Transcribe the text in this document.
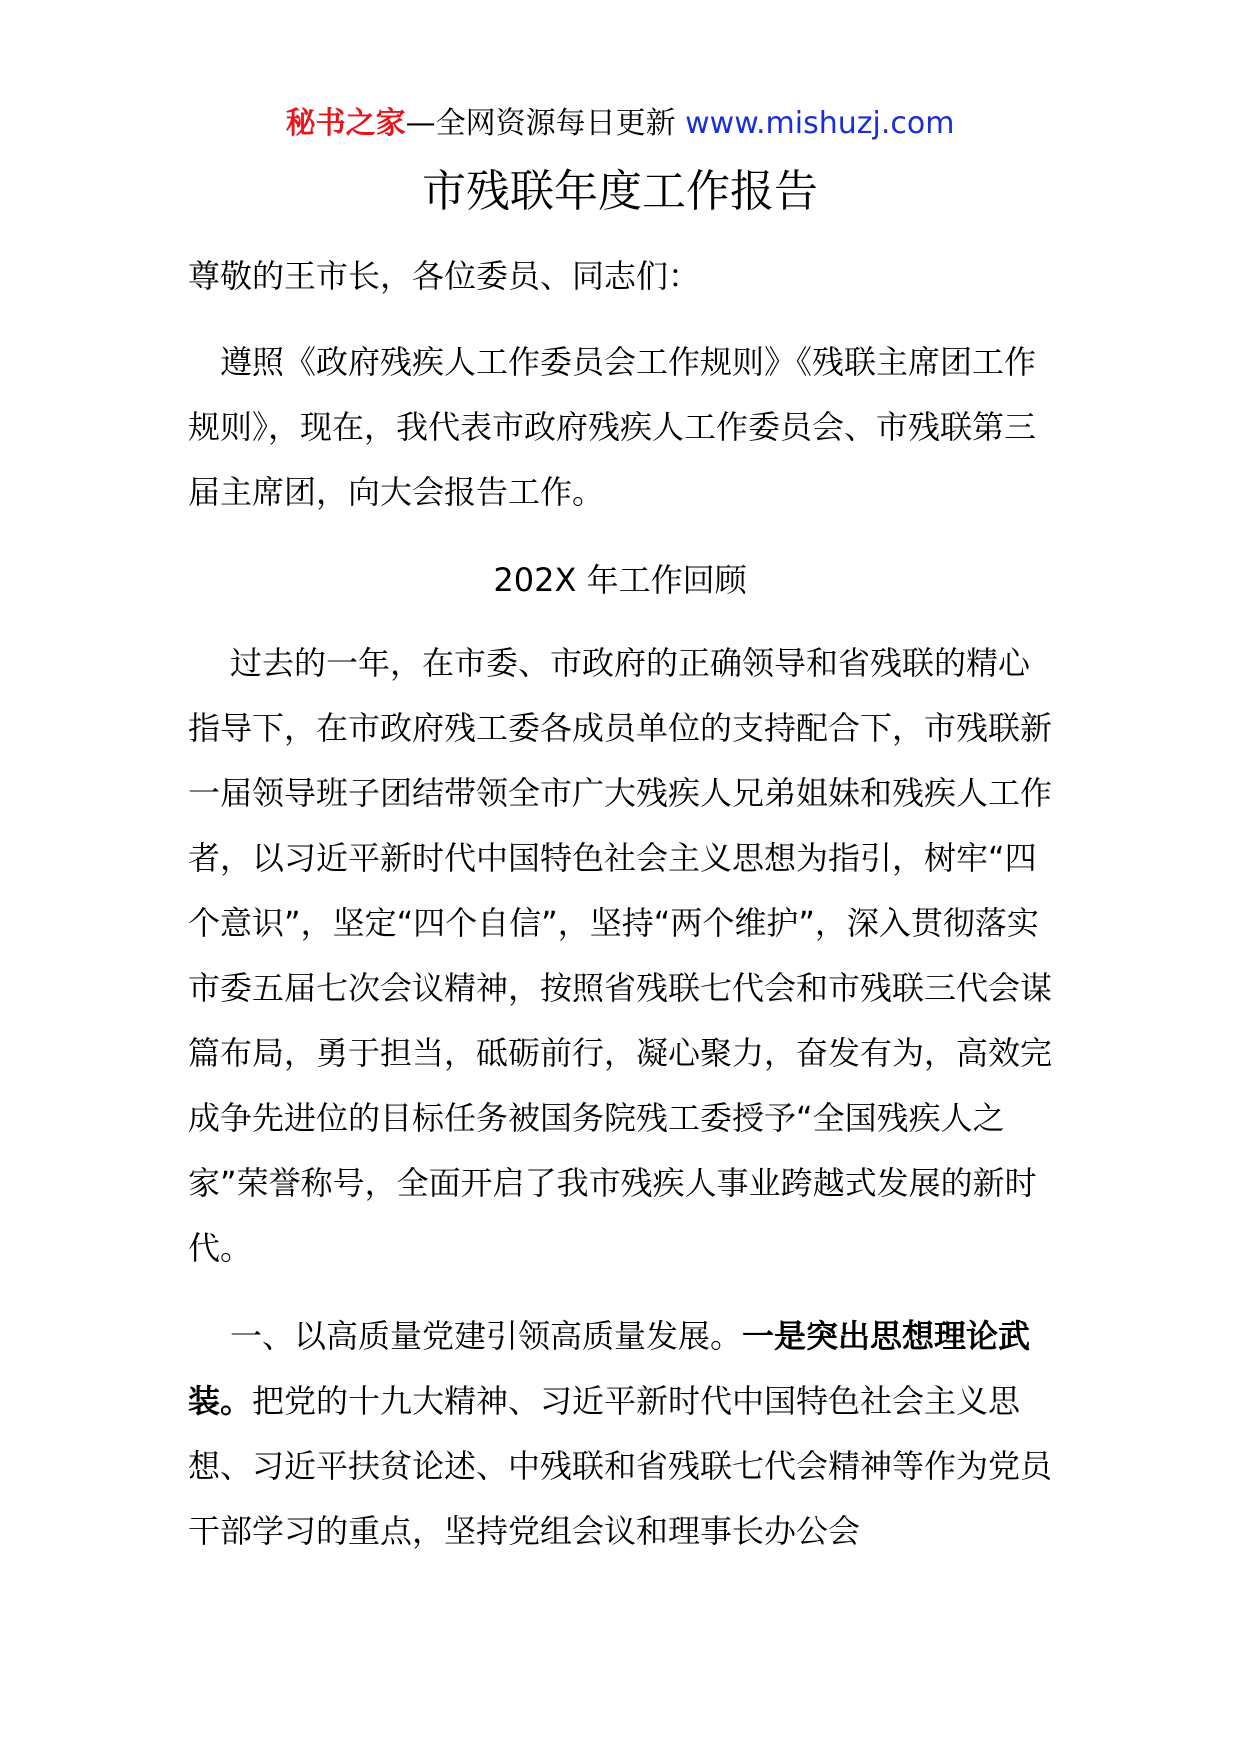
秘书之家—全网资源每日更新 www.mishuzj.com
市残联年度工作报告

尊敬的王市长，各位委员、同志们：

遵照《政府残疾人工作委员会工作规则》《残联主席团工作规则》，现在，我代表市政府残疾人工作委员会、市残联第三届主席团，向大会报告工作。

202X 年工作回顾

过去的一年，在市委、市政府的正确领导和省残联的精心指导下，在市政府残工委各成员单位的支持配合下，市残联新一届领导班子团结带领全市广大残疾人兄弟姐妹和残疾人工作者，以习近平新时代中国特色社会主义思想为指引，树牢“四个意识”，坚定“四个自信”，坚持“两个维护”，深入贯彻落实市委五届七次会议精神，按照省残联七代会和市残联三代会谋篇布局，勇于担当，砥砺前行，凝心聚力，奋发有为，高效完成争先进位的目标任务被国务院残工委授予“全国残疾人之家”荣誉称号，全面开启了我市残疾人事业跨越式发展的新时代。

一、以高质量党建引领高质量发展。一是突出思想理论武装。把党的十九大精神、习近平新时代中国特色社会主义思想、习近平扶贫论述、中残联和省残联七代会精神等作为党员干部学习的重点，坚持党组会议和理事长办公会
